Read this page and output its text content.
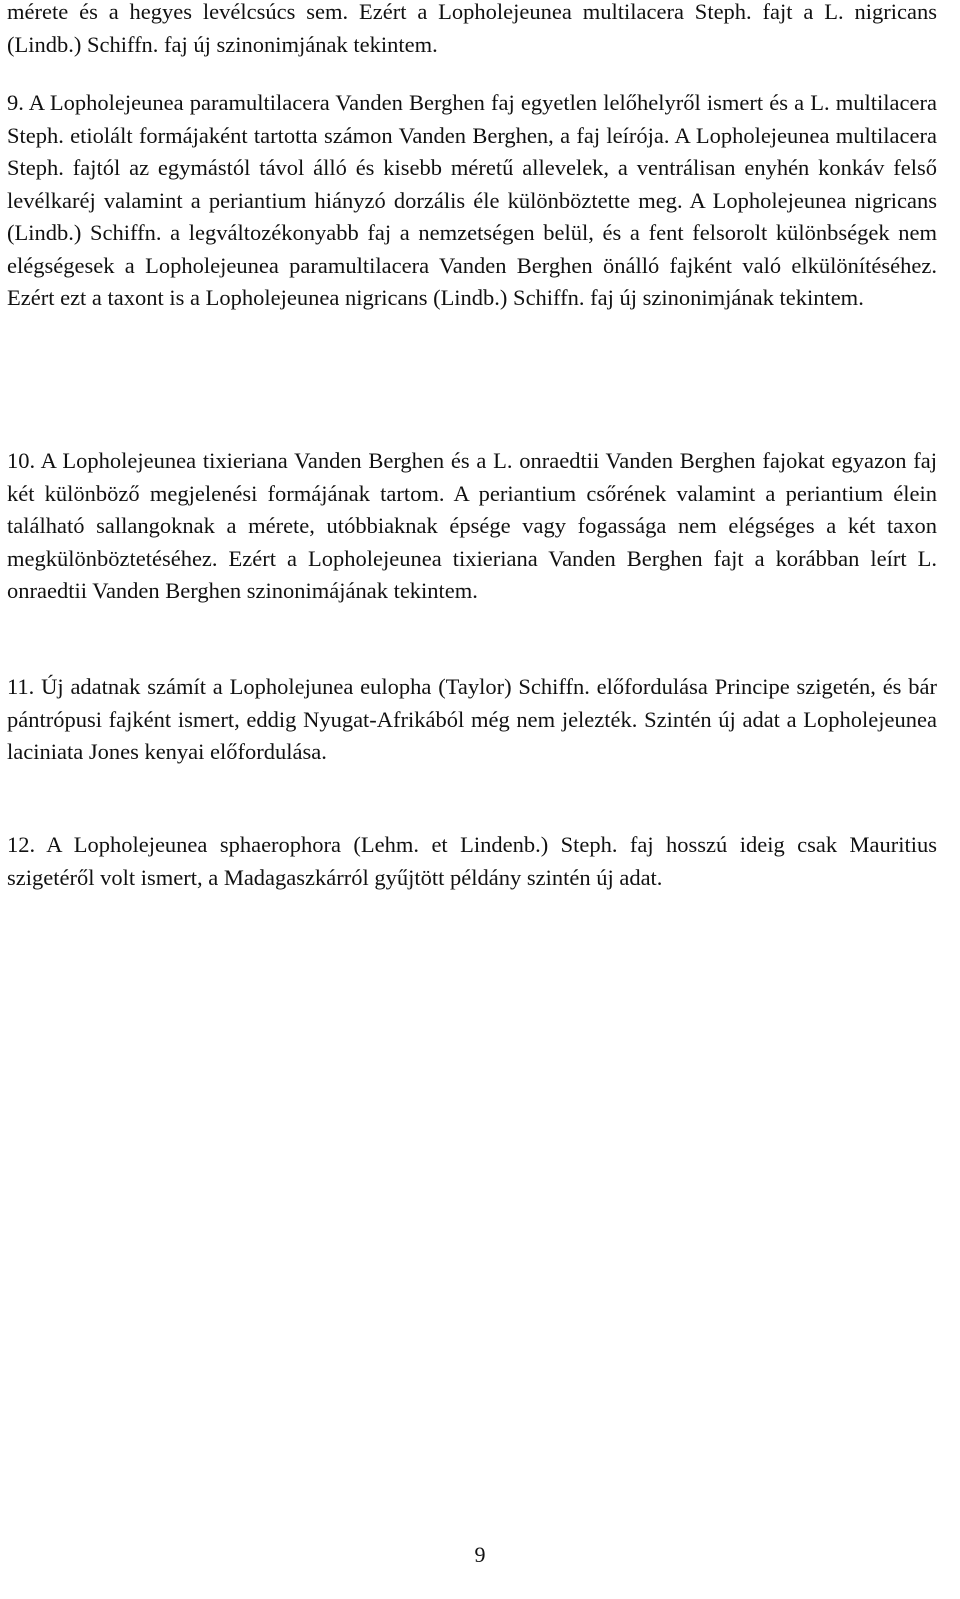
mérete és a hegyes levélcsúcs sem. Ezért a Lopholejeunea multilacera Steph. fajt a L. nigricans (Lindb.) Schiffn. faj új szinonimjának tekintem.

9. A Lopholejeunea paramultilacera Vanden Berghen faj egyetlen lelőhelyről ismert és a L. multilacera Steph. etiolált formájaként tartotta számon Vanden Berghen, a faj leírója. A Lopholejeunea multilacera Steph. fajtól az egymástól távol álló és kisebb méretű allevelek, a ventrálisan enyhén konkáv felső levélkaréj valamint a periantium hiányzó dorzális éle különböztette meg. A Lopholejeunea nigricans (Lindb.) Schiffn. a legváltozékonyabb faj a nemzetségen belül, és a fent felsorolt különbségek nem elégségesek a Lopholejeunea paramultilacera Vanden Berghen önálló fajként való elkülönítéséhez. Ezért ezt a taxont is a Lopholejeunea nigricans (Lindb.) Schiffn. faj új szinonimjának tekintem.

10. A Lopholejeunea tixieriana Vanden Berghen és a L. onraedtii Vanden Berghen fajokat egyazon faj két különböző megjelenési formájának tartom. A periantium csőrének valamint a periantium élein található sallangoknak a mérete, utóbbiaknak épsége vagy fogassága nem elégséges a két taxon megkülönböztetéséhez. Ezért a Lopholejeunea tixieriana Vanden Berghen fajt a korábban leírt L. onraedtii Vanden Berghen szinonimájának tekintem.

11. Új adatnak számít a Lopholejunea eulopha (Taylor) Schiffn. előfordulása Principe szigetén, és bár pántrópusi fajként ismert, eddig Nyugat-Afrikából még nem jelezték. Szintén új adat a Lopholejeunea laciniata Jones kenyai előfordulása.

12. A Lopholejeunea sphaerophora (Lehm. et Lindenb.) Steph. faj hosszú ideig csak Mauritius szigetéről volt ismert, a Madagaszkárról gyűjtött példány szintén új adat.

9
